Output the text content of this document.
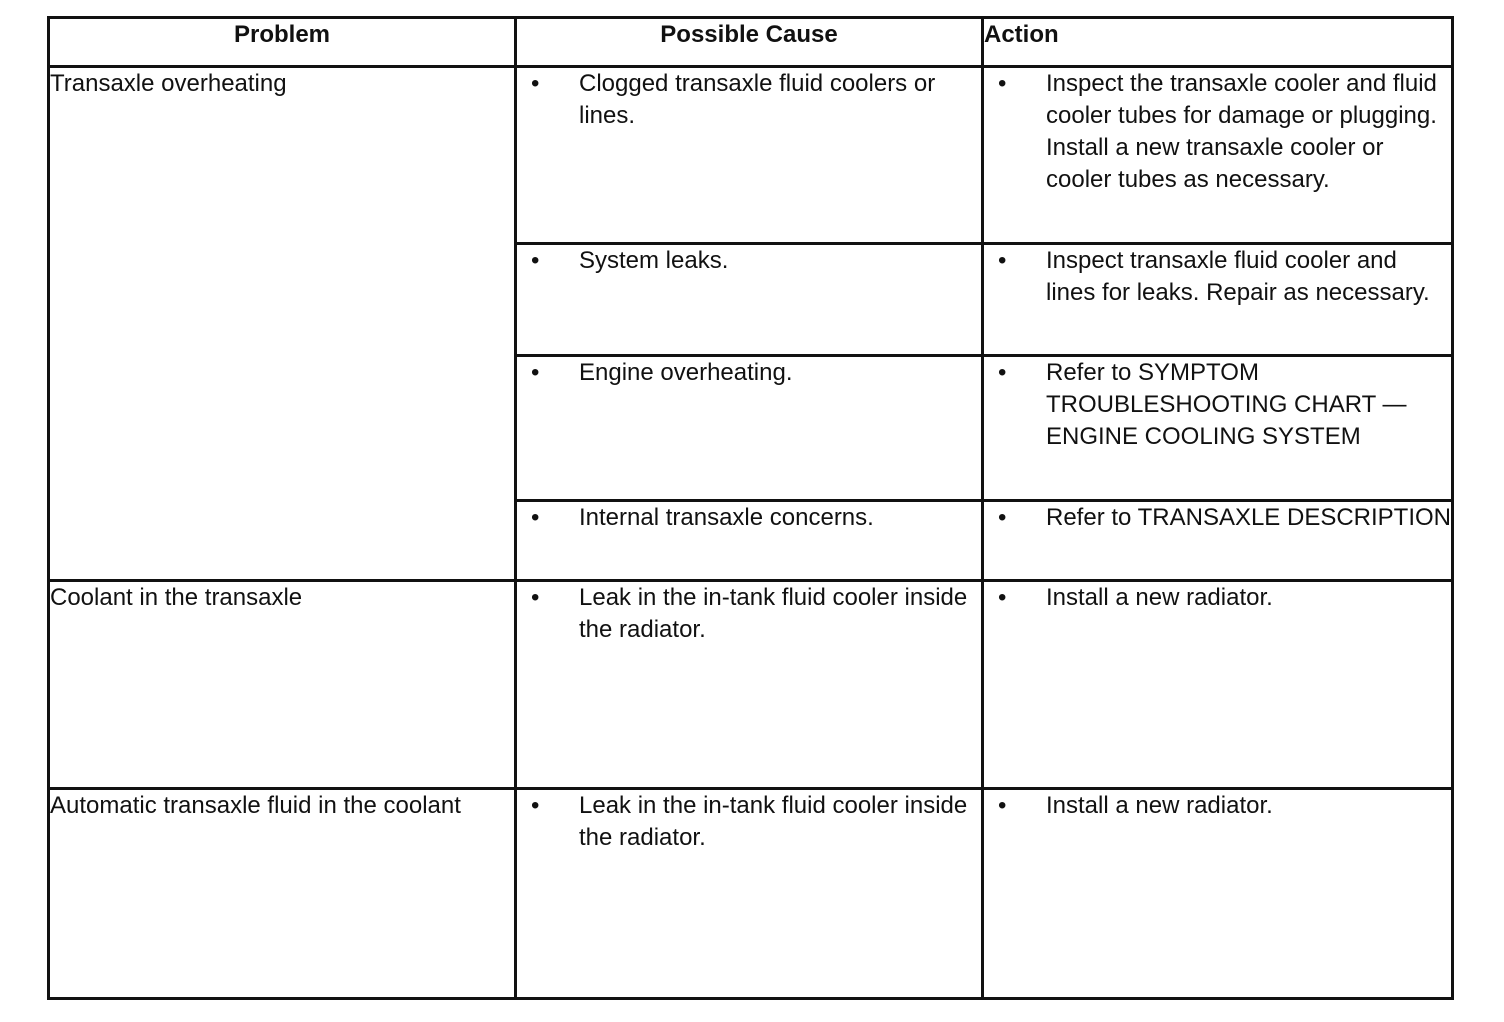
Problem	Possible Cause	Action
Transaxle overheating	• Clogged transaxle fluid coolers or lines.	• Inspect the transaxle cooler and fluid cooler tubes for damage or plugging. Install a new transaxle cooler or cooler tubes as necessary.

	• System leaks.	• Inspect transaxle fluid cooler and lines for leaks. Repair as necessary.

	• Engine overheating.	• Refer to SYMPTOM TROUBLESHOOTING CHART — ENGINE COOLING SYSTEM

	• Internal transaxle concerns.	• Refer to TRANSAXLE DESCRIPTION

Coolant in the transaxle	• Leak in the in-tank fluid cooler inside the radiator.	• Install a new radiator.

Automatic transaxle fluid in the coolant	• Leak in the in-tank fluid cooler inside the radiator.	• Install a new radiator.
